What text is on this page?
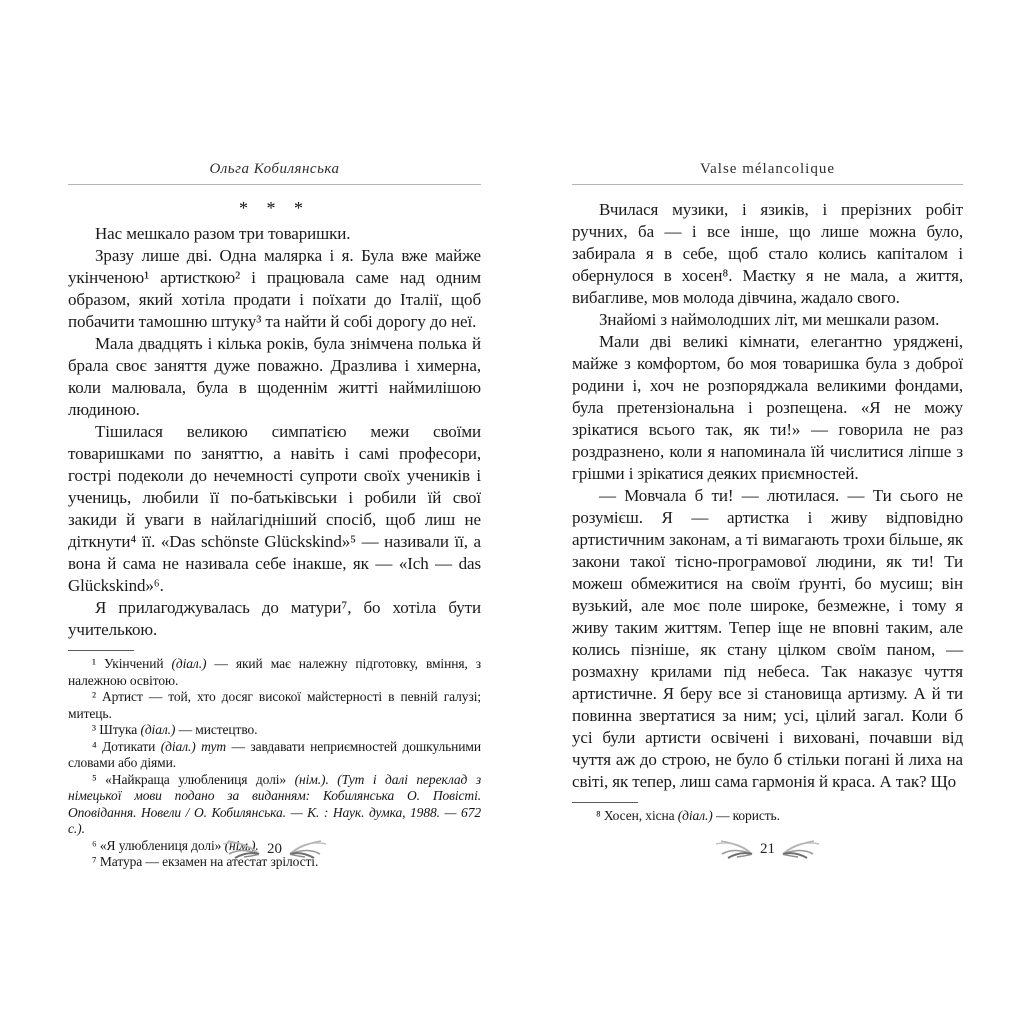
Ольга Кобилянська
* * *

Нас мешкало разом три товаришки.

Зразу лише дві. Одна малярка і я. Була вже майже укінченою¹ артисткою² і працювала саме над одним образом, який хотіла продати і поїхати до Італії, щоб побачити тамошню штуку³ та найти й собі дорогу до неї.

Мала двадцять і кілька років, була знімчена полька й брала своє заняття дуже поважно. Дразлива і химерна, коли малювала, була в щоденнім житті наймилішою людиною.

Тішилася великою симпатією межи своїми товаришками по заняттю, а навіть і самі професори, гострі подеколи до нечемності супроти своїх учеників і учениць, любили її по-батьківськи і робили їй свої закиди й уваги в найлагідніший спосіб, щоб лиш не діткнути⁴ її. «Das schönste Glückskind»⁵ — називали її, а вона й сама не називала себе інакше, як — «Ich — das Glückskind»⁶.

Я прилагоджувалась до матури⁷, бо хотіла бути учителькою.

¹ Укінчений (діал.) — який має належну підготовку, вміння, з належною освітою.

² Артист — той, хто досяг високої майстерності в певній галузі; митець.

³ Штука (діал.) — мистецтво.

⁴ Дотикати (діал.) тут — завдавати неприємностей дошкульними словами або діями.

⁵ «Найкраща улюблениця долі» (нім.). (Тут і далі переклад з німецької мови подано за виданням: Кобилянська О. Повісті. Оповідання. Новели / О. Кобилянська. — К. : Наук. думка, 1988. — 672 с.).

⁶ «Я улюблениця долі» (нім.).

⁷ Матура — екзамен на атестат зрілості.

20
Valse mélancolique

Вчилася музики, і язиків, і прерізних робіт ручних, ба — і все інше, що лише можна було, забирала я в себе, щоб стало колись капіталом і обернулося в хосен⁸. Маєтку я не мала, а життя, вибагливе, мов молода дівчина, жадало свого.

Знайомі з наймолодших літ, ми мешкали разом.

Мали дві великі кімнати, елегантно уряджені, майже з комфортом, бо моя товаришка була з доброї родини і, хоч не розпоряджала великими фондами, була претензіональна і розпещена. «Я не можу зрікатися всього так, як ти!» — говорила не раз роздразнено, коли я напоминала їй числитися ліпше з грішми і зрікатися деяких приємностей.

— Мовчала б ти! — лютилася. — Ти сього не розумієш. Я — артистка і живу відповідно артистичним законам, а ті вимагають трохи більше, як закони такої тісно-програмової людини, як ти! Ти можеш обмежитися на своїм ґрунті, бо мусиш; він вузький, але моє поле широке, безмежне, і тому я живу таким життям. Тепер іще не вповні таким, але колись пізніше, як стану цілком своїм паном, — розмахну крилами під небеса. Так наказує чуття артистичне. Я беру все зі становища артизму. А й ти повинна звертатися за ним; усі, цілий загал. Коли б усі були артисти освічені і виховані, почавши від чуття аж до строю, не було б стільки погані й лиха на світі, як тепер, лиш сама гармонія й краса. А так? Що

⁸ Хосен, хісна (діал.) — користь.

21
